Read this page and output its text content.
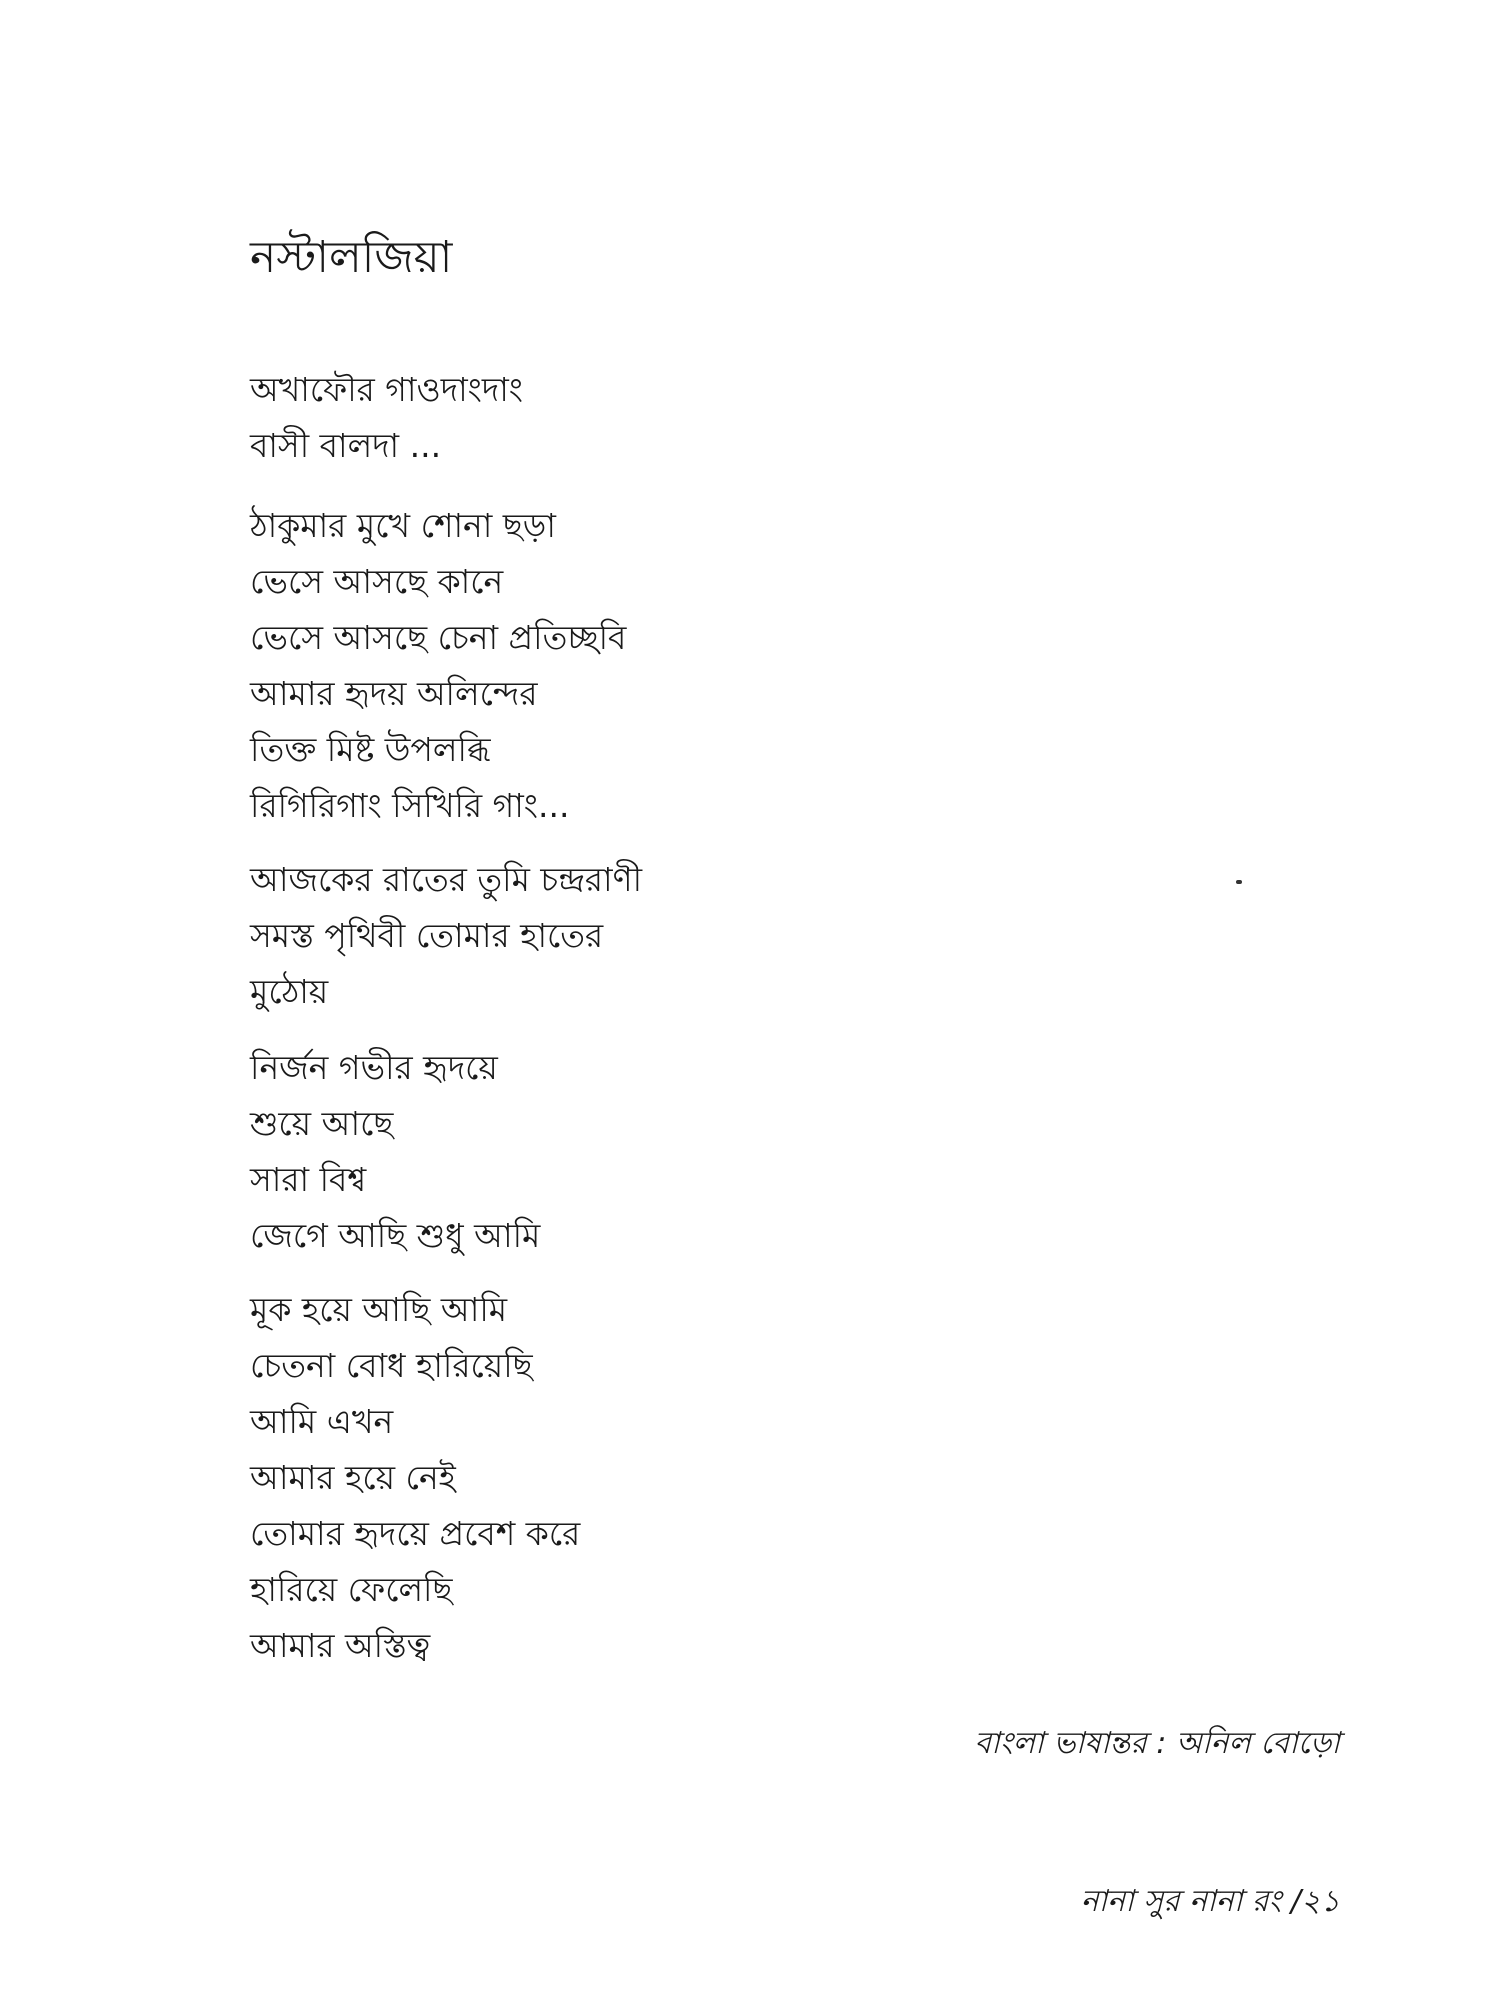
নস্টালজিয়া
অখাফৌর গাওদাংদাং
বাসী বালদা ...
ঠাকুমার মুখে শোনা ছড়া
ভেসে আসছে কানে
ভেসে আসছে চেনা প্রতিচ্ছবি
আমার হৃদয় অলিন্দের
তিক্ত মিষ্ট উপলব্ধি
রিগিরিগাং সিখিরি গাং...
আজকের রাতের তুমি চন্দ্ররাণী
সমস্ত পৃথিবী তোমার হাতের
মুঠোয়
নির্জন গভীর হৃদয়ে
শুয়ে আছে
সারা বিশ্ব
জেগে আছি শুধু আমি
মূক হয়ে আছি আমি
চেতনা বোধ হারিয়েছি
আমি এখন
আমার হয়ে নেই
তোমার হৃদয়ে প্রবেশ করে
হারিয়ে ফেলেছি
আমার অস্তিত্ব
বাংলা ভাষান্তর : অনিল বোড়ো
নানা সুর নানা রং /২১
